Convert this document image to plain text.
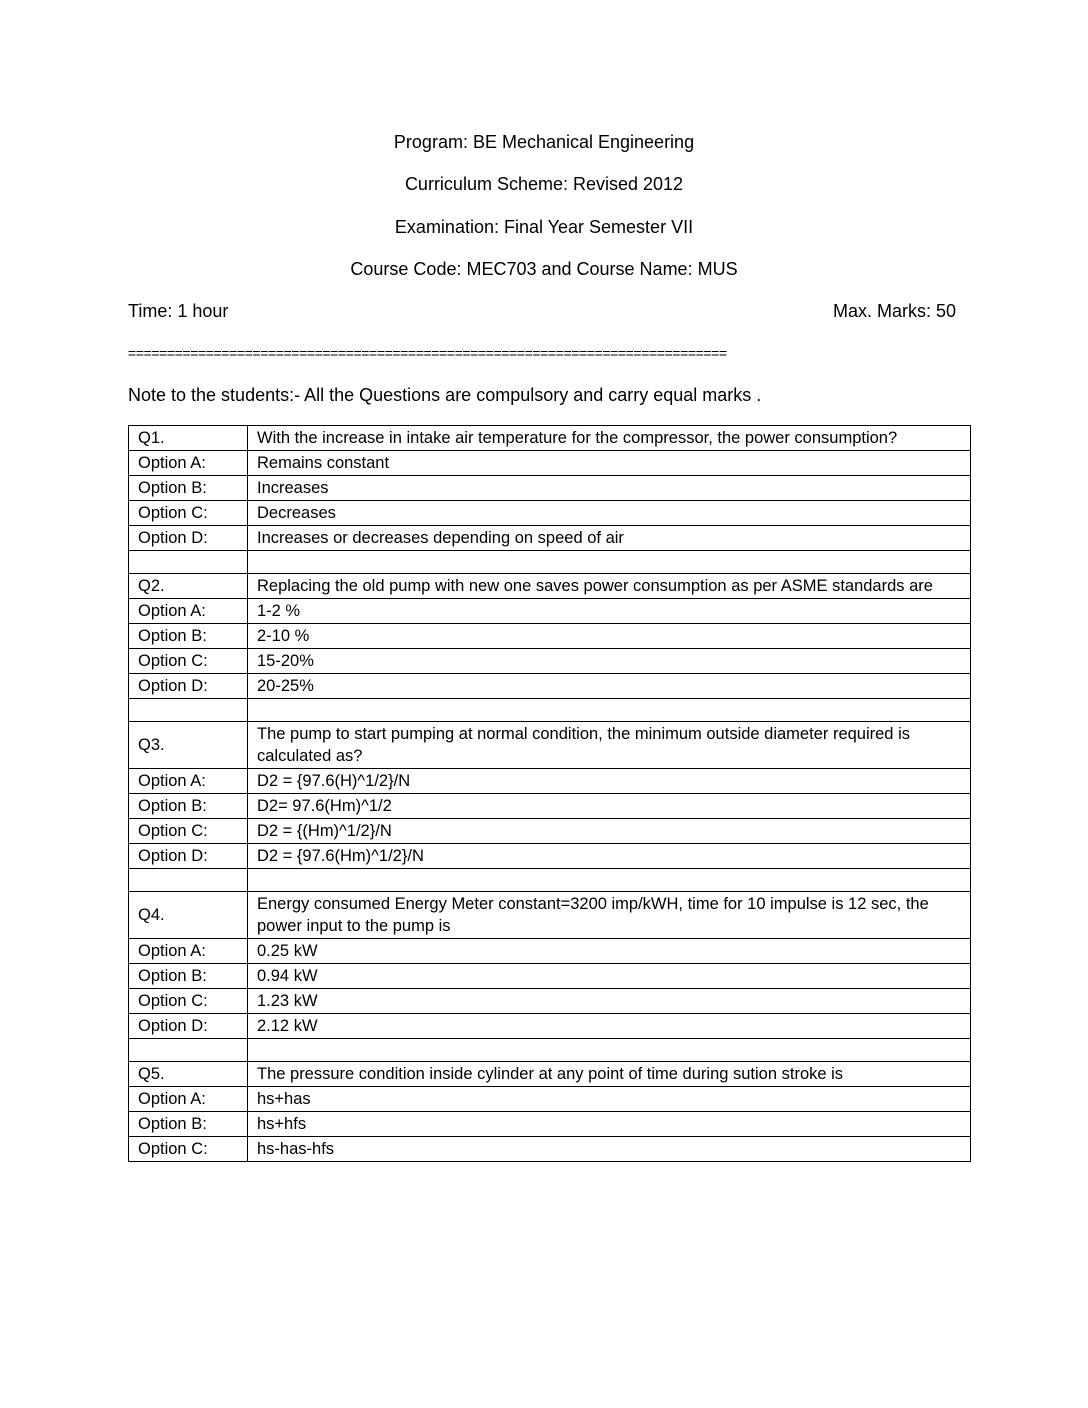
Program: BE Mechanical Engineering
Curriculum Scheme: Revised 2012
Examination: Final Year Semester VII
Course Code: MEC703 and Course Name: MUS
Time: 1 hour	Max. Marks: 50
=============================================================================
Note to the students:- All the Questions are compulsory and carry equal marks .
Q1.	With the increase in intake air temperature for the compressor, the power consumption?
Option A:	Remains constant
Option B:	Increases
Option C:	Decreases
Option D:	Increases or decreases depending on speed of air

Q2.	Replacing the old pump with new one saves power consumption as per ASME standards are
Option A:	1-2 %
Option B:	2-10 %
Option C:	15-20%
Option D:	20-25%

Q3.	The pump to start pumping at normal condition, the minimum outside diameter required is calculated as?
Option A:	D2 = {97.6(H)^1/2}/N
Option B:	D2= 97.6(Hm)^1/2
Option C:	D2 = {(Hm)^1/2}/N
Option D:	D2 = {97.6(Hm)^1/2}/N

Q4.	Energy consumed Energy Meter constant=3200 imp/kWH, time for 10 impulse is 12 sec, the power input to the pump is
Option A:	0.25 kW
Option B:	0.94 kW
Option C:	1.23 kW
Option D:	2.12 kW

Q5.	The pressure condition inside cylinder at any point of time during sution stroke is
Option A:	hs+has
Option B:	hs+hfs
Option C:	hs-has-hfs
